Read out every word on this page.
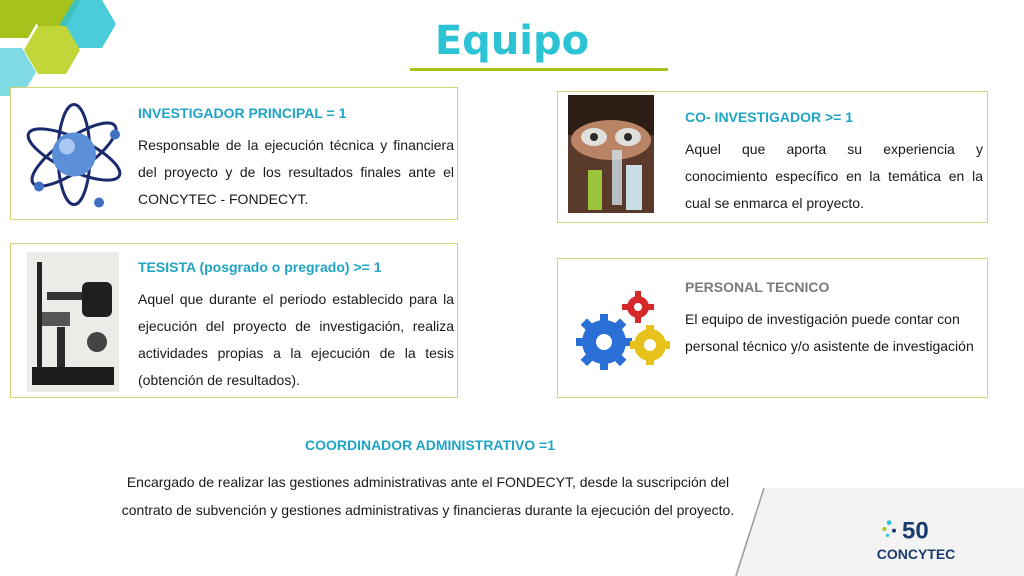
Equipo

INVESTIGADOR PRINCIPAL = 1

Responsable de la ejecución técnica y financiera del proyecto y de los resultados finales ante el CONCYTEC - FONDECYT.

CO- INVESTIGADOR >= 1

Aquel que aporta su experiencia y conocimiento específico en la temática en la cual se enmarca el proyecto.

TESISTA (posgrado o pregrado) >= 1

Aquel que durante el periodo establecido para la ejecución del proyecto de investigación, realiza actividades propias a la ejecución de la tesis (obtención de resultados).

PERSONAL TECNICO

El equipo de investigación puede contar con personal técnico y/o asistente de investigación

COORDINADOR ADMINISTRATIVO =1

Encargado de realizar las gestiones administrativas ante el FONDECYT, desde la suscripción del contrato de subvención y gestiones administrativas y financieras durante la ejecución del proyecto.

50
CONCYTEC
